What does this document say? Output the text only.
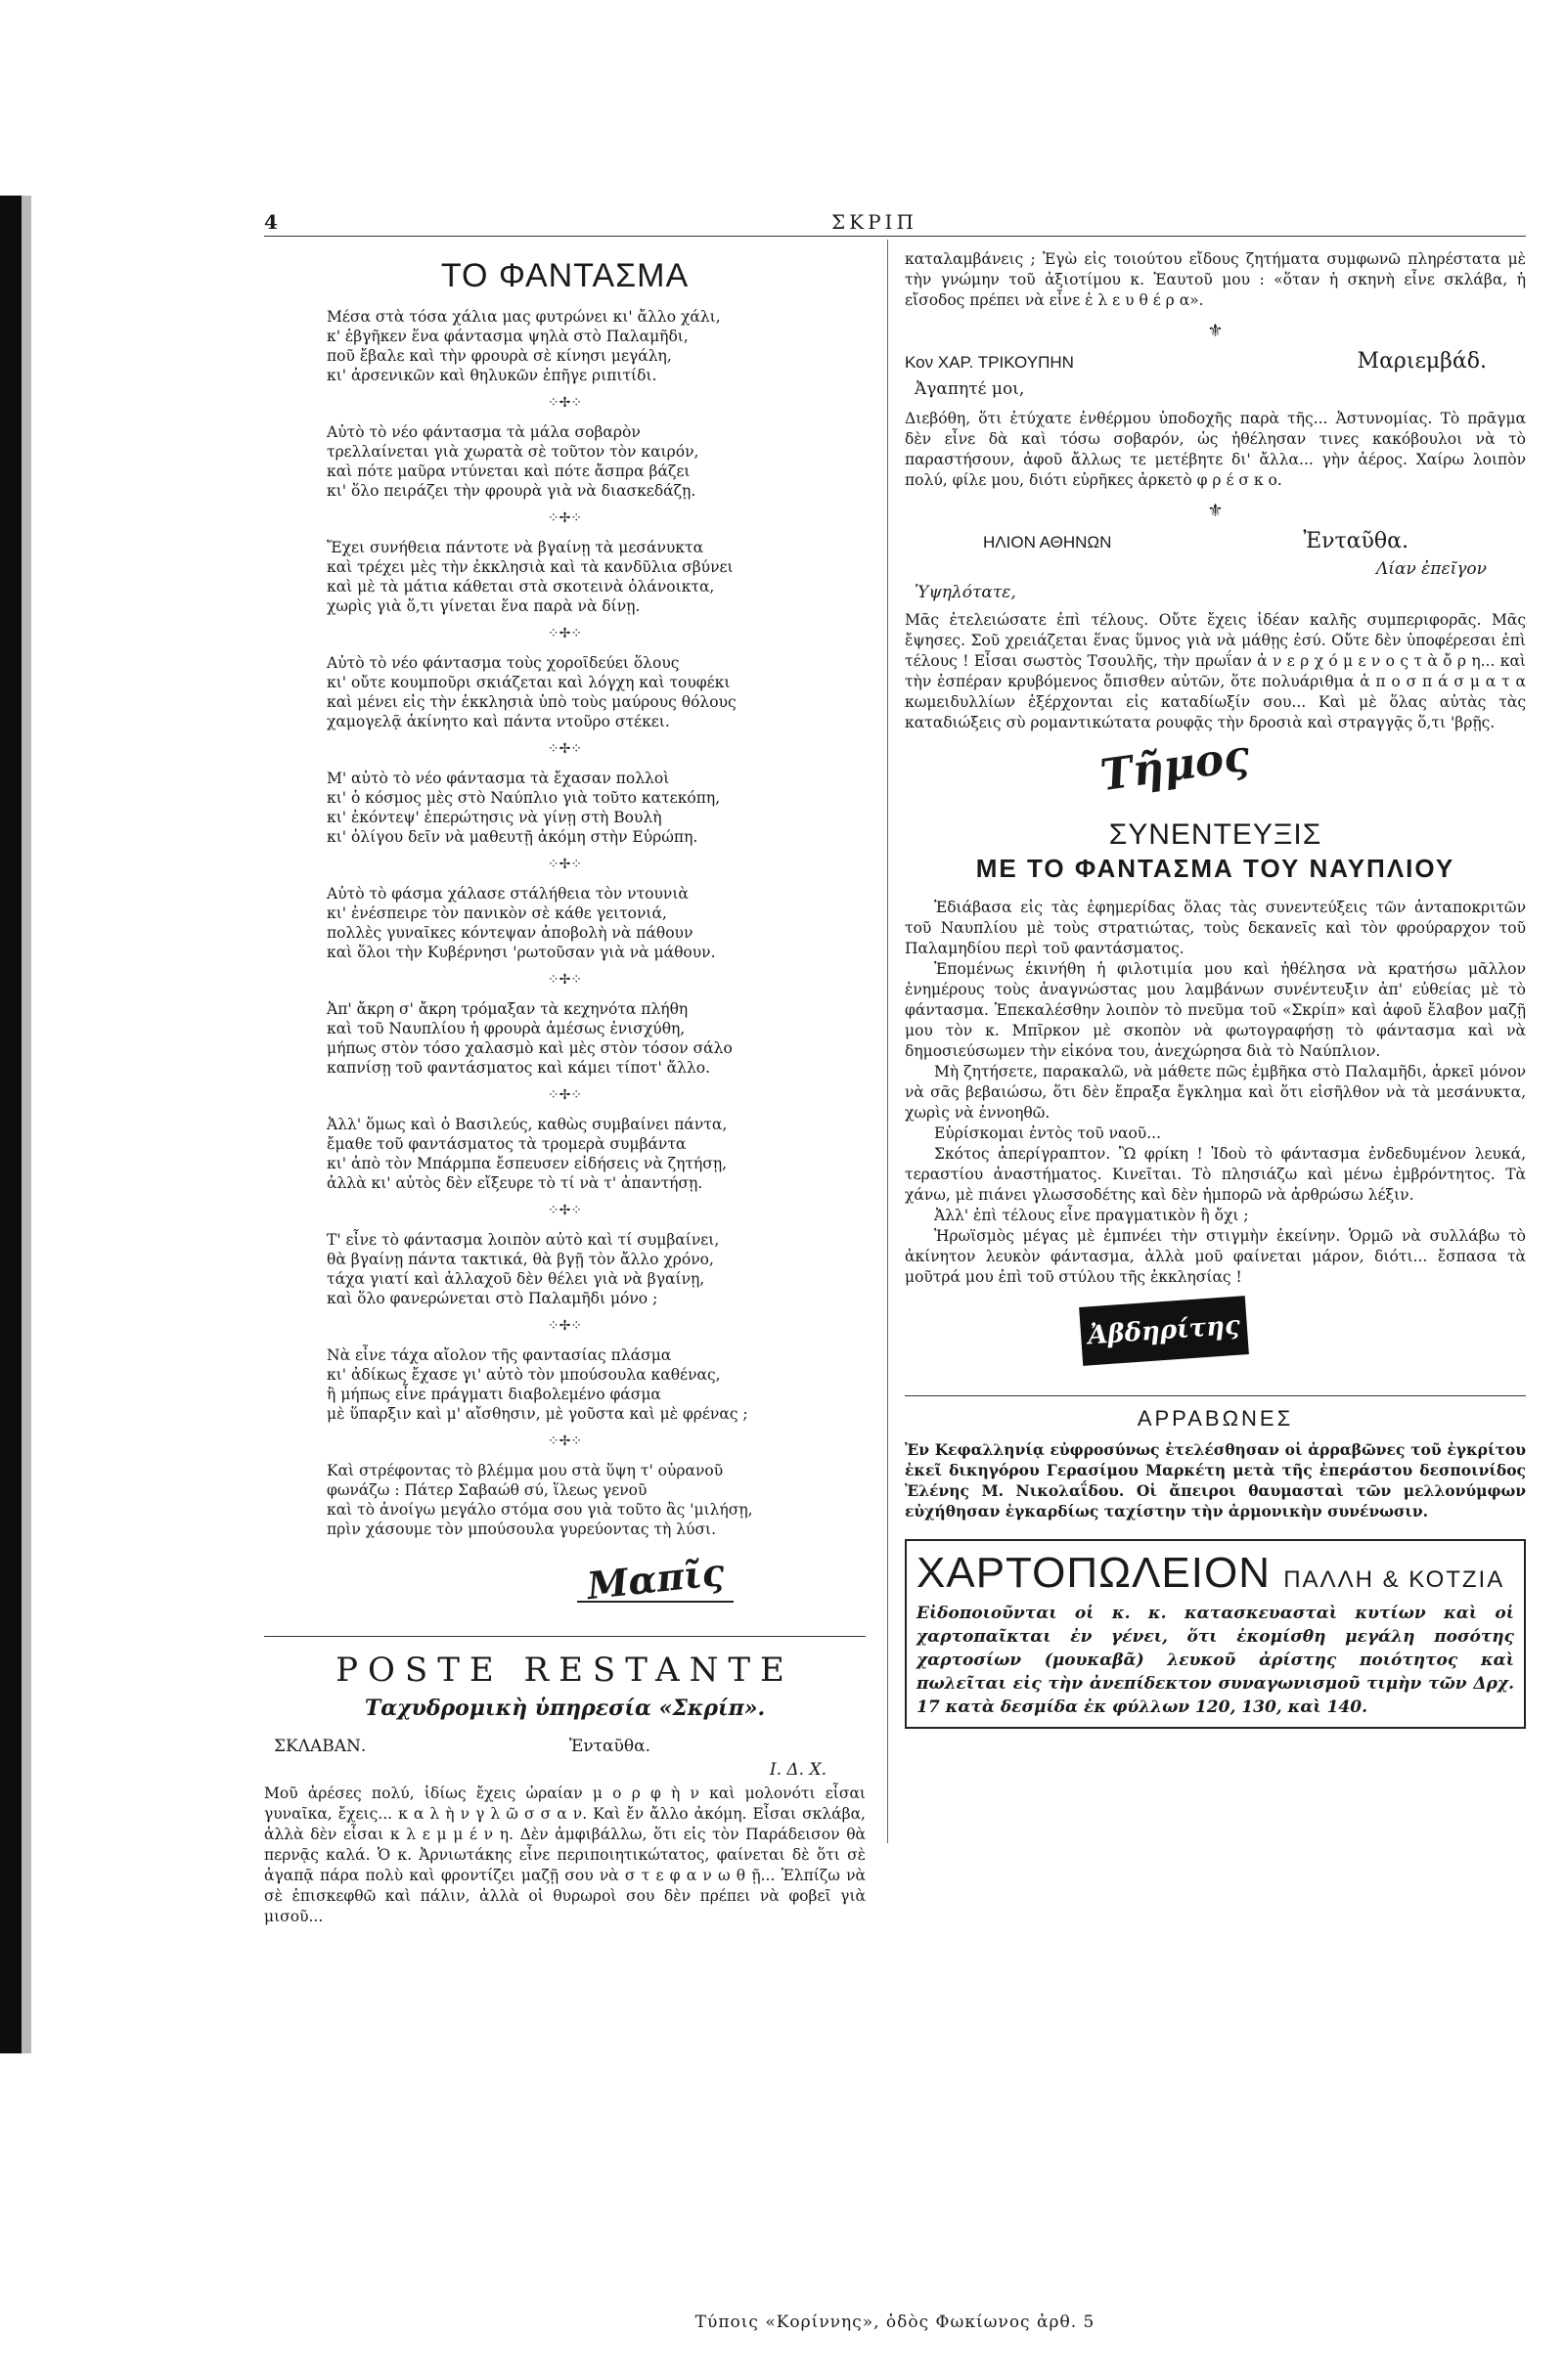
4	ΣΚΡΙΠ
ΤΟ ΦΑΝΤΑΣΜΑ
Μέσα στὰ τόσα χάλια μας φυτρώνει κι' ἄλλο χάλι,
κ' ἐβγῆκεν ἕνα φάντασμα ψηλὰ στὸ Παλαμῆδι,
ποῦ ἔβαλε καὶ τὴν φρουρὰ σὲ κίνησι μεγάλη,
κι' ἀρσενικῶν καὶ θηλυκῶν ἐπῆγε ριπιτίδι.
⁘✢⁘
Αὐτὸ τὸ νέο φάντασμα τὰ μάλα σοβαρὸν
τρελλαίνεται γιὰ χωρατὰ σὲ τοῦτον τὸν καιρόν,
καὶ πότε μαῦρα ντύνεται καὶ πότε ἄσπρα βάζει
κι' ὅλο πειράζει τὴν φρουρὰ γιὰ νὰ διασκεδάζῃ.
⁘✢⁘
Ἔχει συνήθεια πάντοτε νὰ βγαίνῃ τὰ μεσάνυκτα
καὶ τρέχει μὲς τὴν ἐκκλησιὰ καὶ τὰ κανδῦλια σβύνει
καὶ μὲ τὰ μάτια κάθεται στὰ σκοτεινὰ ὀλάνοικτα,
χωρὶς γιὰ ὅ,τι γίνεται ἕνα παρὰ νὰ δίνῃ.
⁘✢⁘
Αὐτὸ τὸ νέο φάντασμα τοὺς χοροῖδεύει ὅλους
κι' οὔτε κουμποῦρι σκιάζεται καὶ λόγχη καὶ τουφέκι
καὶ μένει εἰς τὴν ἐκκλησιὰ ὑπὸ τοὺς μαύρους θόλους
χαμογελᾷ ἀκίνητο καὶ πάντα ντοῦρο στέκει.
⁘✢⁘
Μ' αὐτὸ τὸ νέο φάντασμα τὰ ἔχασαν πολλοὶ
κι' ὁ κόσμος μὲς στὸ Ναύπλιο γιὰ τοῦτο κατεκόπη,
κι' ἐκόντεψ' ἐπερώτησις νὰ γίνῃ στὴ Βουλὴ
κι' ὀλίγου δεῖν νὰ μαθευτῇ ἀκόμη στὴν Εὐρώπη.
⁘✢⁘
Αὐτὸ τὸ φάσμα χάλασε στάλήθεια τὸν ντουνιὰ
κι' ἐνέσπειρε τὸν πανικὸν σὲ κάθε γειτονιά,
πολλὲς γυναῖκες κόντεψαν ἀποβολὴ νὰ πάθουν
καὶ ὅλοι τὴν Κυβέρνησι 'ρωτοῦσαν γιὰ νὰ μάθουν.
⁘✢⁘
Ἀπ' ἄκρη σ' ἄκρη τρόμαξαν τὰ κεχηνότα πλήθη
καὶ τοῦ Ναυπλίου ἡ φρουρὰ ἀμέσως ἐνισχύθη,
μήπως στὸν τόσο χαλασμὸ καὶ μὲς στὸν τόσον σάλο
καπνίσῃ τοῦ φαντάσματος καὶ κάμει τίποτ' ἄλλο.
⁘✢⁘
Ἀλλ' ὅμως καὶ ὁ Βασιλεύς, καθὼς συμβαίνει πάντα,
ἔμαθε τοῦ φαντάσματος τὰ τρομερὰ συμβάντα
κι' ἀπὸ τὸν Μπάρμπα ἔσπευσεν εἰδήσεις νὰ ζητήσῃ,
ἀλλὰ κι' αὐτὸς δὲν εἴξευρε τὸ τί νὰ τ' ἀπαντήσῃ.
⁘✢⁘
Τ' εἶνε τὸ φάντασμα λοιπὸν αὐτὸ καὶ τί συμβαίνει,
θὰ βγαίνῃ πάντα τακτικά, θὰ βγῇ τὸν ἄλλο χρόνο,
τάχα γιατί καὶ ἀλλαχοῦ δὲν θέλει γιὰ νὰ βγαίνῃ,
καὶ ὅλο φανερώνεται στὸ Παλαμῆδι μόνο ;
⁘✢⁘
Νὰ εἶνε τάχα αἴολον τῆς φαντασίας πλάσμα
κι' ἀδίκως ἔχασε γι' αὐτὸ τὸν μπούσουλα καθένας,
ἢ μήπως εἶνε πράγματι διαβολεμένο φάσμα
μὲ ὕπαρξιν καὶ μ' αἴσθησιν, μὲ γοῦστα καὶ μὲ φρένας ;
⁘✢⁘
Καὶ στρέφοντας τὸ βλέμμα μου στὰ ὕψη τ' οὐρανοῦ
φωνάζω : Πάτερ Σαβαώθ σύ, ἵλεως γενοῦ
καὶ τὸ ἀνοίγω μεγάλο στόμα σου γιὰ τοῦτο ἂς 'μιλήσῃ,
πρὶν χάσουμε τὸν μπούσουλα γυρεύοντας τὴ λύσι.
Μαπῖς
POSTE RESTANTE
Ταχυδρομικὴ ὑπηρεσία «Σκρίπ».
ΣΚΛΑΒΑΝ.	Ἐνταῦθα.
Ι. Δ. Χ.

Μοῦ ἀρέσες πολύ, ἰδίως ἔχεις ὡραίαν μ ο ρ φ ὴ ν καὶ μολονότι εἶσαι γυναῖκα, ἔχεις... κ α λ ὴ ν γ λ ῶ σ σ α ν. Καὶ ἔν ἄλλο ἀκόμη. Εἶσαι σκλάβα, ἀλλὰ δὲν εἶσαι κ λ ε μ μ έ ν η. Δὲν ἀμφιβάλλω, ὅτι εἰς τὸν Παράδεισον θὰ περνᾷς καλά. Ὁ κ. Ἀρνιωτάκης εἶνε περιποιητικώτατος, φαίνεται δὲ ὅτι σὲ ἀγαπᾷ πάρα πολὺ καὶ φροντίζει μαζῇ σου νὰ σ τ ε φ α ν ω θ ῇ... Ἐλπίζω νὰ σὲ ἐπισκεφθῶ καὶ πάλιν, ἀλλὰ οἱ θυρωροὶ σου δὲν πρέπει νὰ φοβεῖ γιὰ μισοῦ...

καταλαμβάνεις ; Ἐγὼ εἰς τοιούτου εἴδους ζητήματα συμφωνῶ πληρέστατα μὲ τὴν γνώμην τοῦ ἀξιοτίμου κ. Ἑαυτοῦ μου : «ὅταν ἡ σκηνὴ εἶνε σκλάβα, ἡ εἴσοδος πρέπει νὰ εἶνε ἐ λ ε υ θ έ ρ α».

⚜
Κον ΧΑΡ. ΤΡΙΚΟΥΠΗΝ	Μαριεμβάδ.
Ἀγαπητέ μοι,

Διεβόθη, ὅτι ἐτύχατε ἐνθέρμου ὑποδοχῆς παρὰ τῆς... Ἀστυνομίας. Τὸ πρᾶγμα δὲν εἶνε δὰ καὶ τόσω σοβαρόν, ὡς ἠθέλησαν τινες κακόβουλοι νὰ τὸ παραστήσουν, ἀφοῦ ἄλλως τε μετέβητε δι' ἄλλα... γὴν ἀέρος. Χαίρω λοιπὸν πολύ, φίλε μου, διότι εὑρῆκες ἀρκετὸ φ ρ έ σ κ ο.

⚜
ΗΛΙΟΝ ΑΘΗΝΩΝ	Ἐνταῦθα.
Λίαν ἐπεῖγον
Ὑψηλότατε,

Μᾶς ἐτελειώσατε ἐπὶ τέλους. Οὔτε ἔχεις ἰδέαν καλῆς συμπεριφορᾶς. Μᾶς ἔψησες. Σοῦ χρειάζεται ἕνας ὕμνος γιὰ νὰ μάθῃς ἐσύ. Οὔτε δὲν ὑποφέρεσαι ἐπὶ τέλους ! Εἶσαι σωστὸς Τσουλῆς, τὴν πρωΐαν ἀ ν ε ρ χ ό μ ε ν ο ς τ ὰ ὄ ρ η... καὶ τὴν ἑσπέραν κρυβόμενος ὄπισθεν αὐτῶν, ὅτε πολυάριθμα ἀ π ο σ π ά σ μ α τ α κωμειδυλλίων ἐξέρχονται εἰς καταδίωξίν σου... Καὶ μὲ ὅλας αὐτὰς τὰς καταδιώξεις σὺ ρομαντικώτατα ρουφᾷς τὴν δροσιὰ καὶ στραγγᾷς ὅ,τι 'βρῇς.

Τῆμος
ΣΥΝΕΝΤΕΥΞΙΣ
ΜΕ ΤΟ ΦΑΝΤΑΣΜΑ ΤΟΥ ΝΑΥΠΛΙΟΥ

Ἐδιάβασα εἰς τὰς ἐφημερίδας ὅλας τὰς συνεντεύξεις τῶν ἀνταποκριτῶν τοῦ Ναυπλίου μὲ τοὺς στρατιώτας, τοὺς δεκανεῖς καὶ τὸν φρούραρχον τοῦ Παλαμηδίου περὶ τοῦ φαντάσματος.

Ἐπομένως ἐκινήθη ἡ φιλοτιμία μου καὶ ἠθέλησα νὰ κρατήσω μᾶλλον ἐνημέρους τοὺς ἀναγνώστας μου λαμβάνων συνέντευξιν ἀπ' εὐθείας μὲ τὸ φάντασμα. Ἐπεκαλέσθην λοιπὸν τὸ πνεῦμα τοῦ «Σκρίπ» καὶ ἀφοῦ ἔλαβον μαζῇ μου τὸν κ. Μπῖρκον μὲ σκοπὸν νὰ φωτογραφήσῃ τὸ φάντασμα καὶ νὰ δημοσιεύσωμεν τὴν εἰκόνα του, ἀνεχώρησα διὰ τὸ Ναύπλιον.

Μὴ ζητήσετε, παρακαλῶ, νὰ μάθετε πῶς ἐμβῆκα στὸ Παλαμῆδι, ἀρκεῖ μόνον νὰ σᾶς βεβαιώσω, ὅτι δὲν ἔπραξα ἔγκλημα καὶ ὅτι εἰσῆλθον νὰ τὰ μεσάνυκτα, χωρὶς νὰ ἐννοηθῶ.

Εὑρίσκομαι ἐντὸς τοῦ ναοῦ...

Σκότος ἀπερίγραπτον. Ὢ φρίκη ! Ἰδοὺ τὸ φάντασμα ἐνδεδυμένον λευκά, τεραστίου ἀναστήματος. Κινεῖται. Τὸ πλησιάζω καὶ μένω ἐμβρόντητος. Τὰ χάνω, μὲ πιάνει γλωσσοδέτης καὶ δὲν ἠμπορῶ νὰ ἀρθρώσω λέξιν.

Ἀλλ' ἐπὶ τέλους εἶνε πραγματικὸν ἢ ὄχι ;

Ἡρωϊσμὸς μέγας μὲ ἐμπνέει τὴν στιγμὴν ἐκείνην. Ὁρμῶ νὰ συλλάβω τὸ ἀκίνητον λευκὸν φάντασμα, ἀλλὰ μοῦ φαίνεται μάρον, διότι... ἔσπασα τὰ μοῦτρά μου ἐπὶ τοῦ στύλου τῆς ἐκκλησίας !

Ἀβδηρίτης
ΑΡΡΑΒΩΝΕΣ

Ἐν Κεφαλληνίᾳ εὐφροσύνως ἐτελέσθησαν οἱ ἀρραβῶνες τοῦ ἐγκρίτου ἐκεῖ δικηγόρου Γερασίμου Μαρκέτη μετὰ τῆς ἐπεράστου δεσποινίδος Ἐλένης Μ. Νικολαΐδου. Οἱ ἄπειροι θαυμασταὶ τῶν μελλονύμφων εὐχήθησαν ἐγκαρδίως ταχίστην τὴν ἀρμονικὴν συνένωσιν.

ΧΑΡΤΟΠΩΛΕΙΟΝ ΠΑΛΛΗ & ΚΟΤΖΙΑ
Εἰδοποιοῦνται οἱ κ. κ. κατασκευασταὶ κυτίων καὶ οἱ χαρτοπαῖκται ἐν γένει, ὅτι ἐκομίσθη μεγάλη ποσότης χαρτοσίων (μουκαβᾶ) λευκοῦ ἀρίστης ποιότητος καὶ πωλεῖται εἰς τὴν ἀνεπίδεκτον συναγωνισμοῦ τιμὴν τῶν Δρχ. 17 κατὰ δεσμίδα ἐκ φύλλων 120, 130, καὶ 140.
Τύποις «Κορίννης», ὁδὸς Φωκίωνος ἀρθ. 5
